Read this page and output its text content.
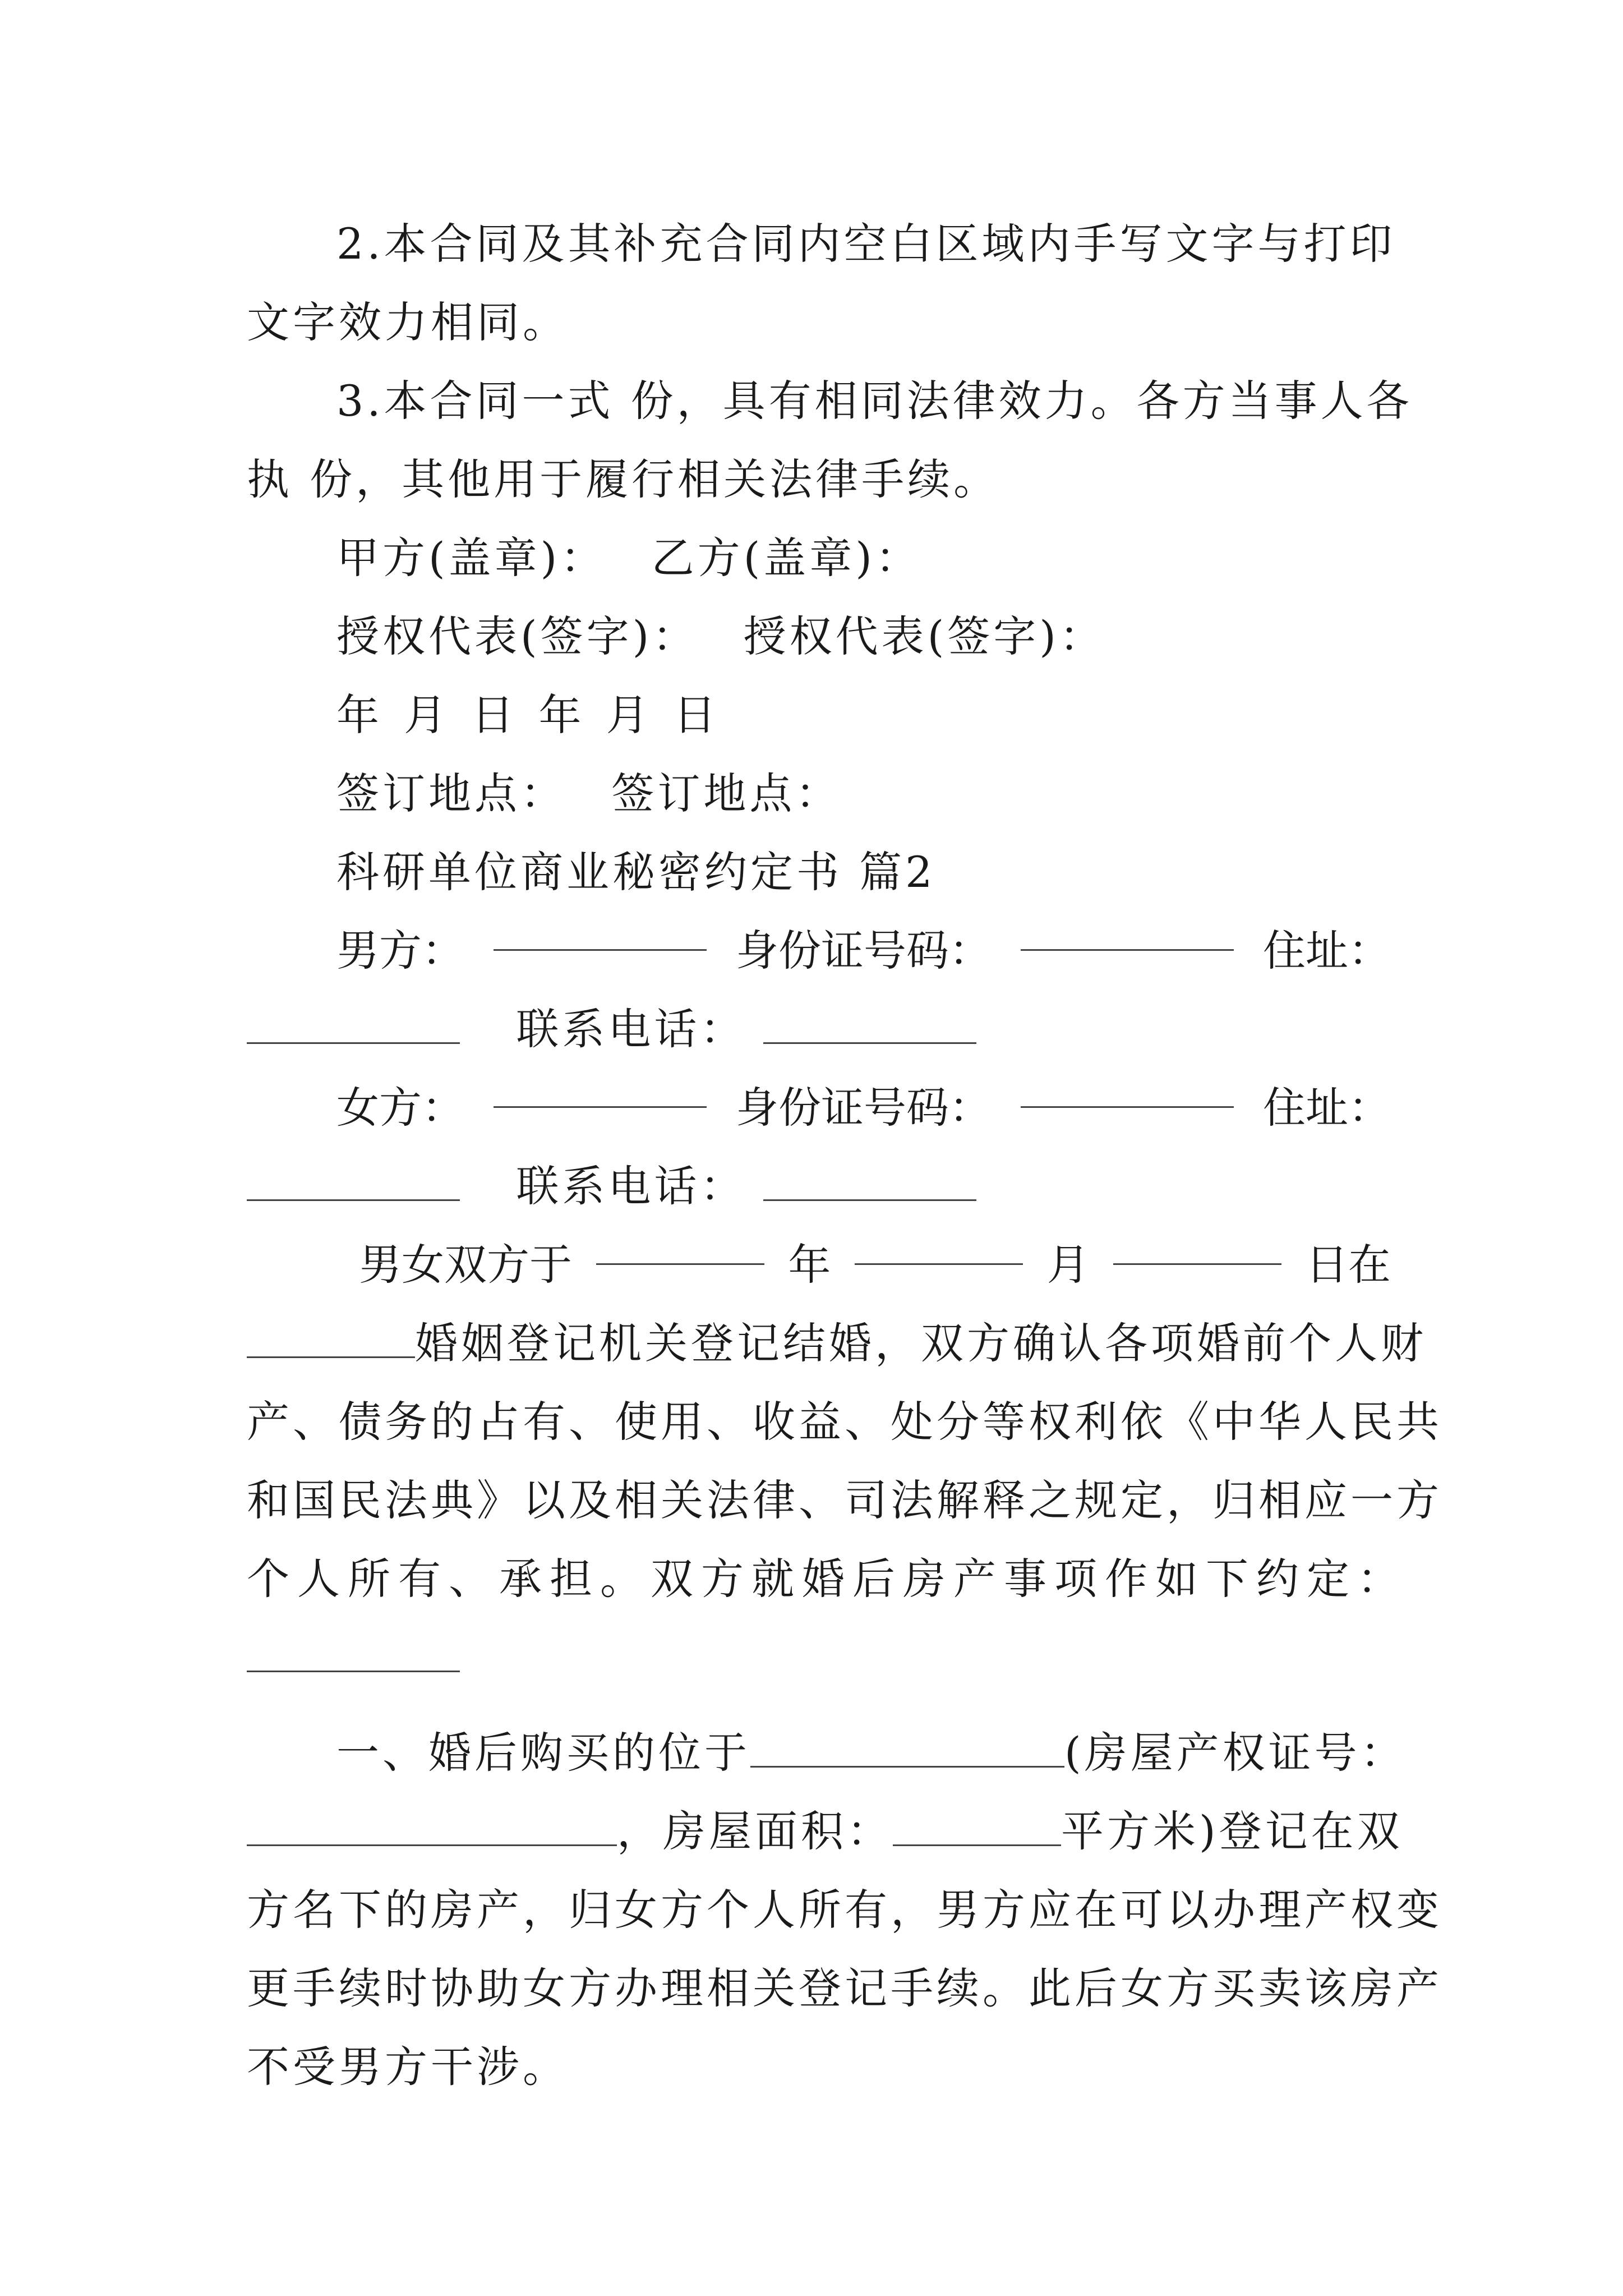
2.本合同及其补充合同内空白区域内手写文字与打印
文字效力相同。
3.本合同一式 份，具有相同法律效力。各方当事人各
执 份，其他用于履行相关法律手续。
甲方(盖章)： 乙方(盖章)：
授权代表(签字)： 授权代表(签字)：
年 月 日 年 月 日
签订地点： 签订地点：
科研单位商业秘密约定书 篇2
男方：	身份证号码：	住址：
联系电话：
女方：	身份证号码：	住址：
联系电话：
男女双方于	年	月	日在
婚姻登记机关登记结婚，双方确认各项婚前个人财
产、债务的占有、使用、收益、处分等权利依《中华人民共
和国民法典》以及相关法律、司法解释之规定，归相应一方
个人所有、承担。双方就婚后房产事项作如下约定：
一、婚后购买的位于	(房屋产权证号：
，房屋面积：	平方米)登记在双
方名下的房产，归女方个人所有，男方应在可以办理产权变
更手续时协助女方办理相关登记手续。此后女方买卖该房产
不受男方干涉。
